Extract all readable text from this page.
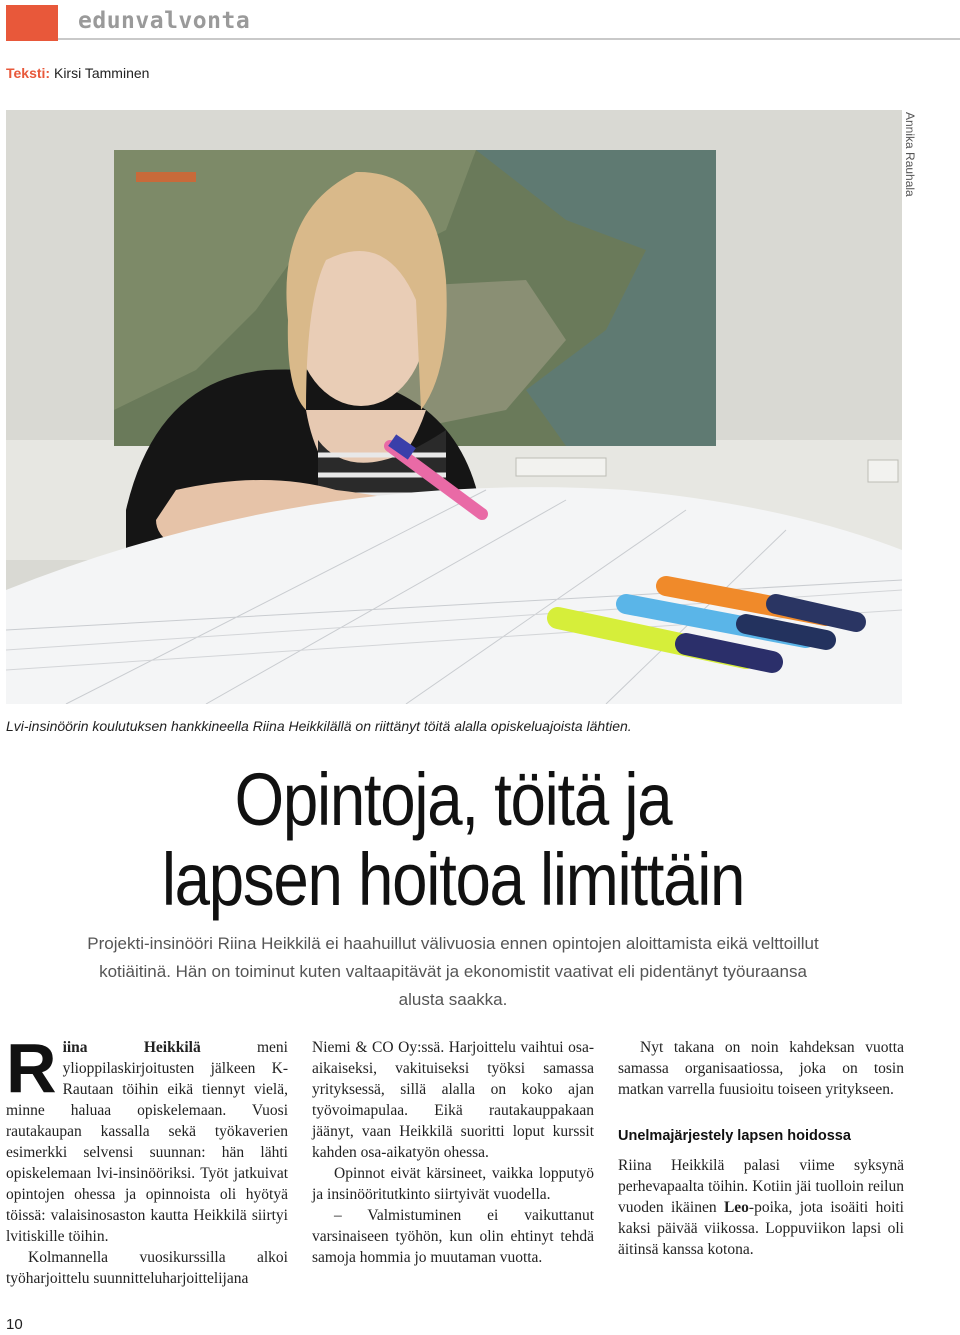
edunvalvonta
Teksti: Kirsi Tamminen
Annika Rauhala
Lvi-insinöörin koulutuksen hankkineella Riina Heikkilällä on riittänyt töitä alalla opiskeluajoista lähtien.
Opintoja, töitä ja
lapsen hoitoa limittäin
Projekti-insinööri Riina Heikkilä ei haahuillut välivuosia ennen opintojen aloittamista eikä velttoillut kotiäitinä. Hän on toiminut kuten valtaapitävät ja ekonomistit vaativat eli pidentänyt työuraansa alusta saakka.

Riina Heikkilä meni ylioppilaskirjoitusten jälkeen K-Rautaan töihin eikä tiennyt vielä, minne haluaa opiskelemaan. Vuosi rautakaupan kassalla sekä työkaverien esimerkki selvensi suunnan: hän lähti opiskelemaan lvi-insinööriksi. Työt jatkuivat opintojen ohessa ja opinnoista oli hyötyä töissä: valaisinosaston kautta Heikkilä siirtyi lvitiskille töihin.

Kolmannella vuosikurssilla alkoi työharjoittelu suunnitteluharjoittelijana

Niemi & CO Oy:ssä. Harjoittelu vaihtui osa-aikaiseksi, vakituiseksi työksi samassa yrityksessä, sillä alalla on koko ajan työvoimapulaa. Eikä rautakauppakaan jäänyt, vaan Heikkilä suoritti loput kurssit kahden osa-aikatyön ohessa.

Opinnot eivät kärsineet, vaikka lopputyö ja insinööritutkinto siirtyivät vuodella.

– Valmistuminen ei vaikuttanut varsinaiseen työhön, kun olin ehtinyt tehdä samoja hommia jo muutaman vuotta.

Nyt takana on noin kahdeksan vuotta samassa organisaatiossa, joka on tosin matkan varrella fuusioitu toiseen yritykseen.

Unelmajärjestely lapsen hoidossa

Riina Heikkilä palasi viime syksynä perhevapaalta töihin. Kotiin jäi tuolloin reilun vuoden ikäinen Leo-poika, jota isoäiti hoiti kaksi päivää viikossa. Loppuviikon lapsi oli äitinsä kanssa kotona.

10
